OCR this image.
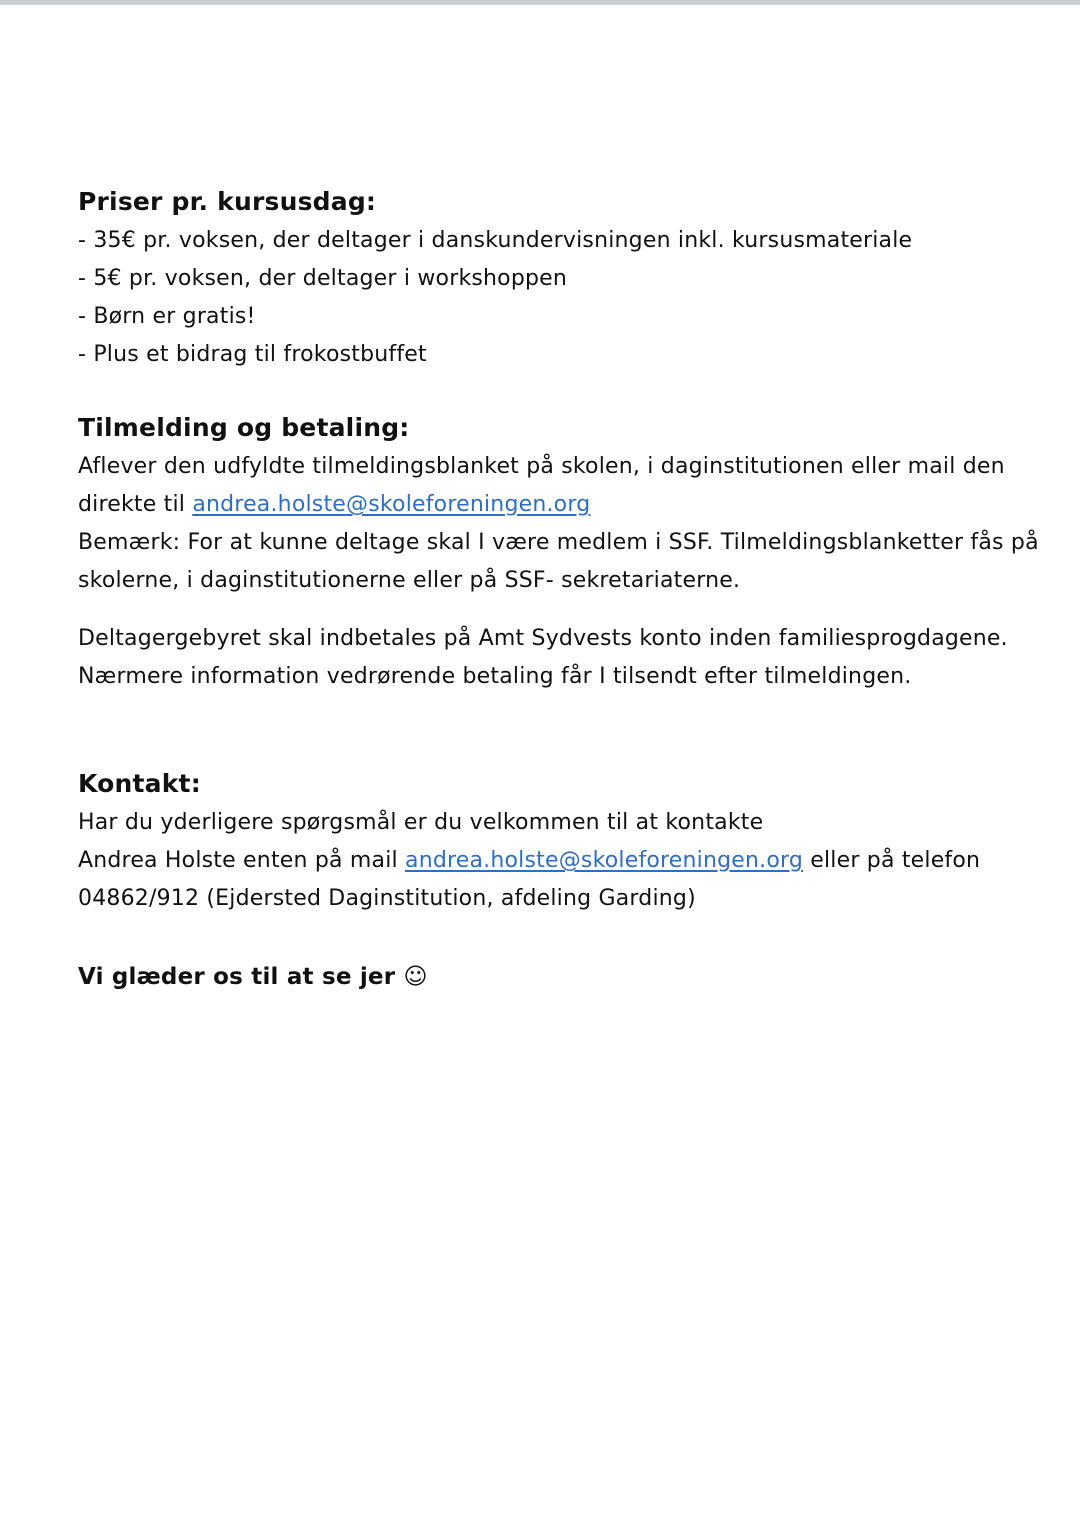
Priser pr. kursusdag:

- 35€ pr. voksen, der deltager i danskundervisningen inkl. kursusmateriale

- 5€ pr. voksen, der deltager i workshoppen

- Børn er gratis!

- Plus et bidrag til frokostbuffet

Tilmelding og betaling:

Aflever den udfyldte tilmeldingsblanket på skolen, i daginstitutionen eller mail den

direkte til andrea.holste@skoleforeningen.org

Bemærk: For at kunne deltage skal I være medlem i SSF. Tilmeldingsblanketter fås på

skolerne, i daginstitutionerne eller på SSF- sekretariaterne.

Deltagergebyret skal indbetales på Amt Sydvests konto inden familiesprogdagene.

Nærmere information vedrørende betaling får I tilsendt efter tilmeldingen.

Kontakt:

Har du yderligere spørgsmål er du velkommen til at kontakte

Andrea Holste enten på mail andrea.holste@skoleforeningen.org eller på telefon

04862/912 (Ejdersted Daginstitution, afdeling Garding)

Vi glæder os til at se jer ☺
